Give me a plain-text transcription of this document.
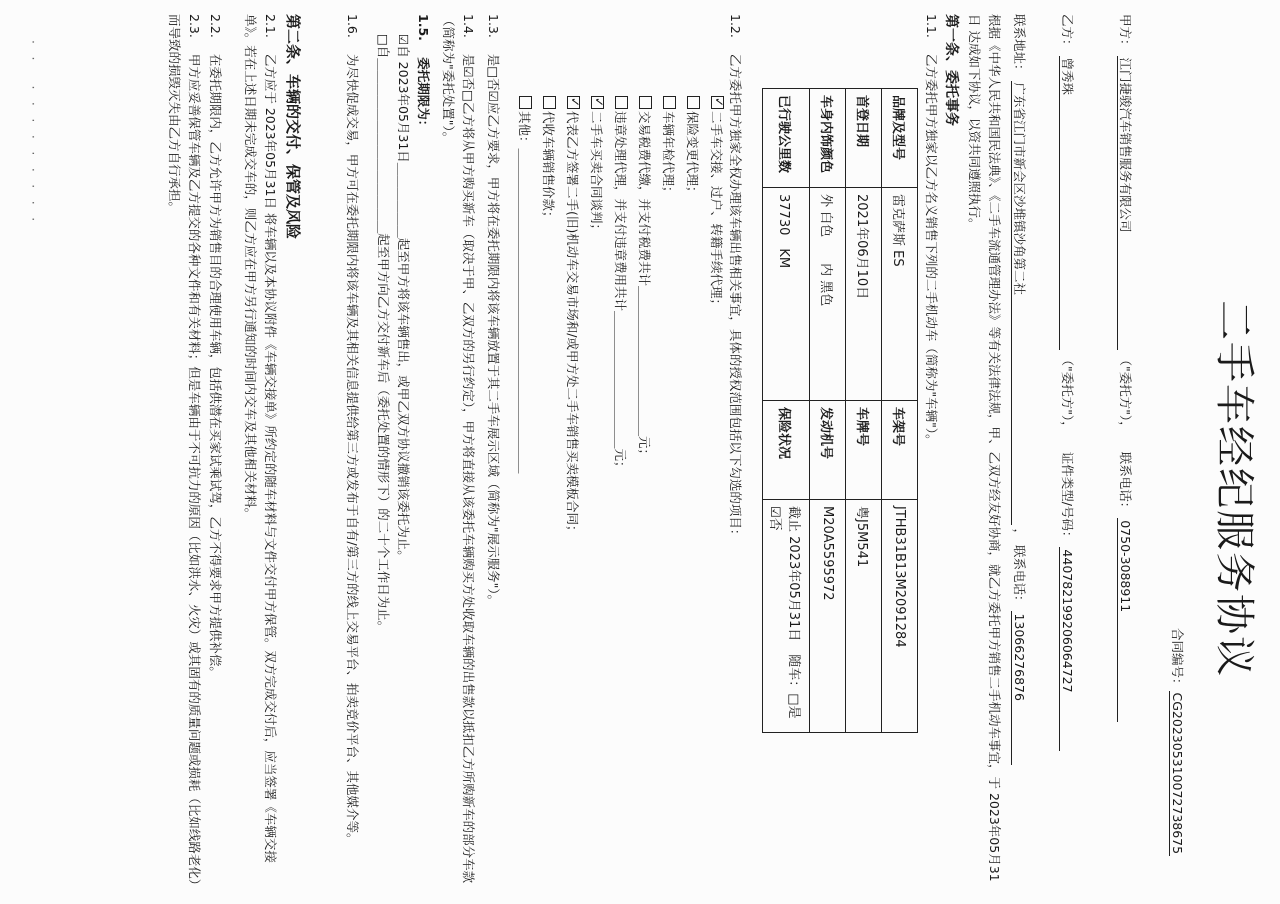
二手车经纪服务协议
合同编号：CG202305310072738675
甲方： 江门捷骏汽车销售服务有限公司 （"委托方"）， 联系电话： 0750-3088911
乙方： 曾秀珠 （"委托方"）， 证件类型/号码： 440782199206064727
联系地址： 广东省江门市新会区沙堆镇沙角第二社 ， 联系电话： 13066276876
根据《中华人民共和国民法典》、《二手车流通管理办法》等有关法律法规，甲、乙双方经友好协商，就乙方委托甲方销售二手机动车事宜，于 2023年05月31日 达成如下协议，以资共同遵照执行。
第一条、委托事务
1.1. 乙方委托甲方独家以乙方名义销售下列的二手机动车（简称为"车辆"）。
品牌及型号	雷克萨斯 ES	车架号	JTHB31B13M2091284
首登日期	2021年06月10日	车牌号	粤J5M541
车身内饰颜色	外 白色　　内 黑色	发动机号	M20A5595972
已行驶公里数	37730　KM	保险状况	截止 2023年05月31日　随车：□是 ☑否
1.2. 乙方委托甲方独家全权办理该车辆出售相关事宜，具体的授权范围包括以下勾选的项目：
✓二手车交接、过户、转籍手续代理；
保险变更代理；
车辆年检代理；
交易税费代缴，并支付税费共计＿＿＿＿＿＿＿＿＿＿＿＿元；
违章处理代理，并支付违章费用共计＿＿＿＿＿＿＿＿＿＿＿元；
✓二手车买卖合同谈判；
✓代表乙方签署二手(旧)机动车交易市场和/或甲方处二手车销售买卖模板合同；
代收车辆销售价款；
其他：＿＿＿＿＿＿＿＿＿＿＿＿＿＿＿＿＿＿＿＿＿＿＿＿＿＿
1.3. 是□否☑应乙方要求，甲方将在委托期限内将该车辆放置于其二手车展示区域（简称为"展示服务"）。
1.4. 是☑否□乙方将从甲方购买新车（取决于甲、乙双方的另行约定），甲方将直接从该委托车辆购买方处收取车辆的出售款以抵扣乙方所购新车的部分车款（简称为"委托处置"）。
1.5. 委托期限为：
☑自 2023年05月31日＿＿＿＿＿＿起至甲方将该车辆售出，或甲乙双方协议撤销该委托为止。
□自＿＿＿＿＿＿＿＿＿＿＿＿＿＿起至甲方向乙方交付新车后（委托处置的情形下）的二十个工作日为止。
1.6. 为尽快促成交易，甲方可在委托期限内将该车辆及其相关信息提供给第三方或发布于自有/第三方的线上交易平台、拍卖竞价平台、其他媒介等。
第二条、车辆的交付、保管及风险
2.1. 乙方应于 2023年05月31日 将车辆以及本协议附件《车辆交接单》所约定的随车材料与文件交付甲方保管。双方完成交付后，应当签署《车辆交接单》。若在上述日期未完成交车的，则乙方应在甲方另行通知的时间内交车及其他相关材料。
2.2. 在委托期限内，乙方允许甲方为销售目的合理使用车辆，包括供潜在买家试乘试驾，乙方不得要求甲方提供补偿。
2.3. 甲方应妥善保管车辆及乙方提交的各种文件和有关材料；但是车辆由于不可抗力的原因（比如洪水、火灾）或其固有的质量问题或损耗（比如线路老化）而导致的损毁灭失由乙方自行承担。
·　·　　·　·　·　·　·　·　·　·　·
